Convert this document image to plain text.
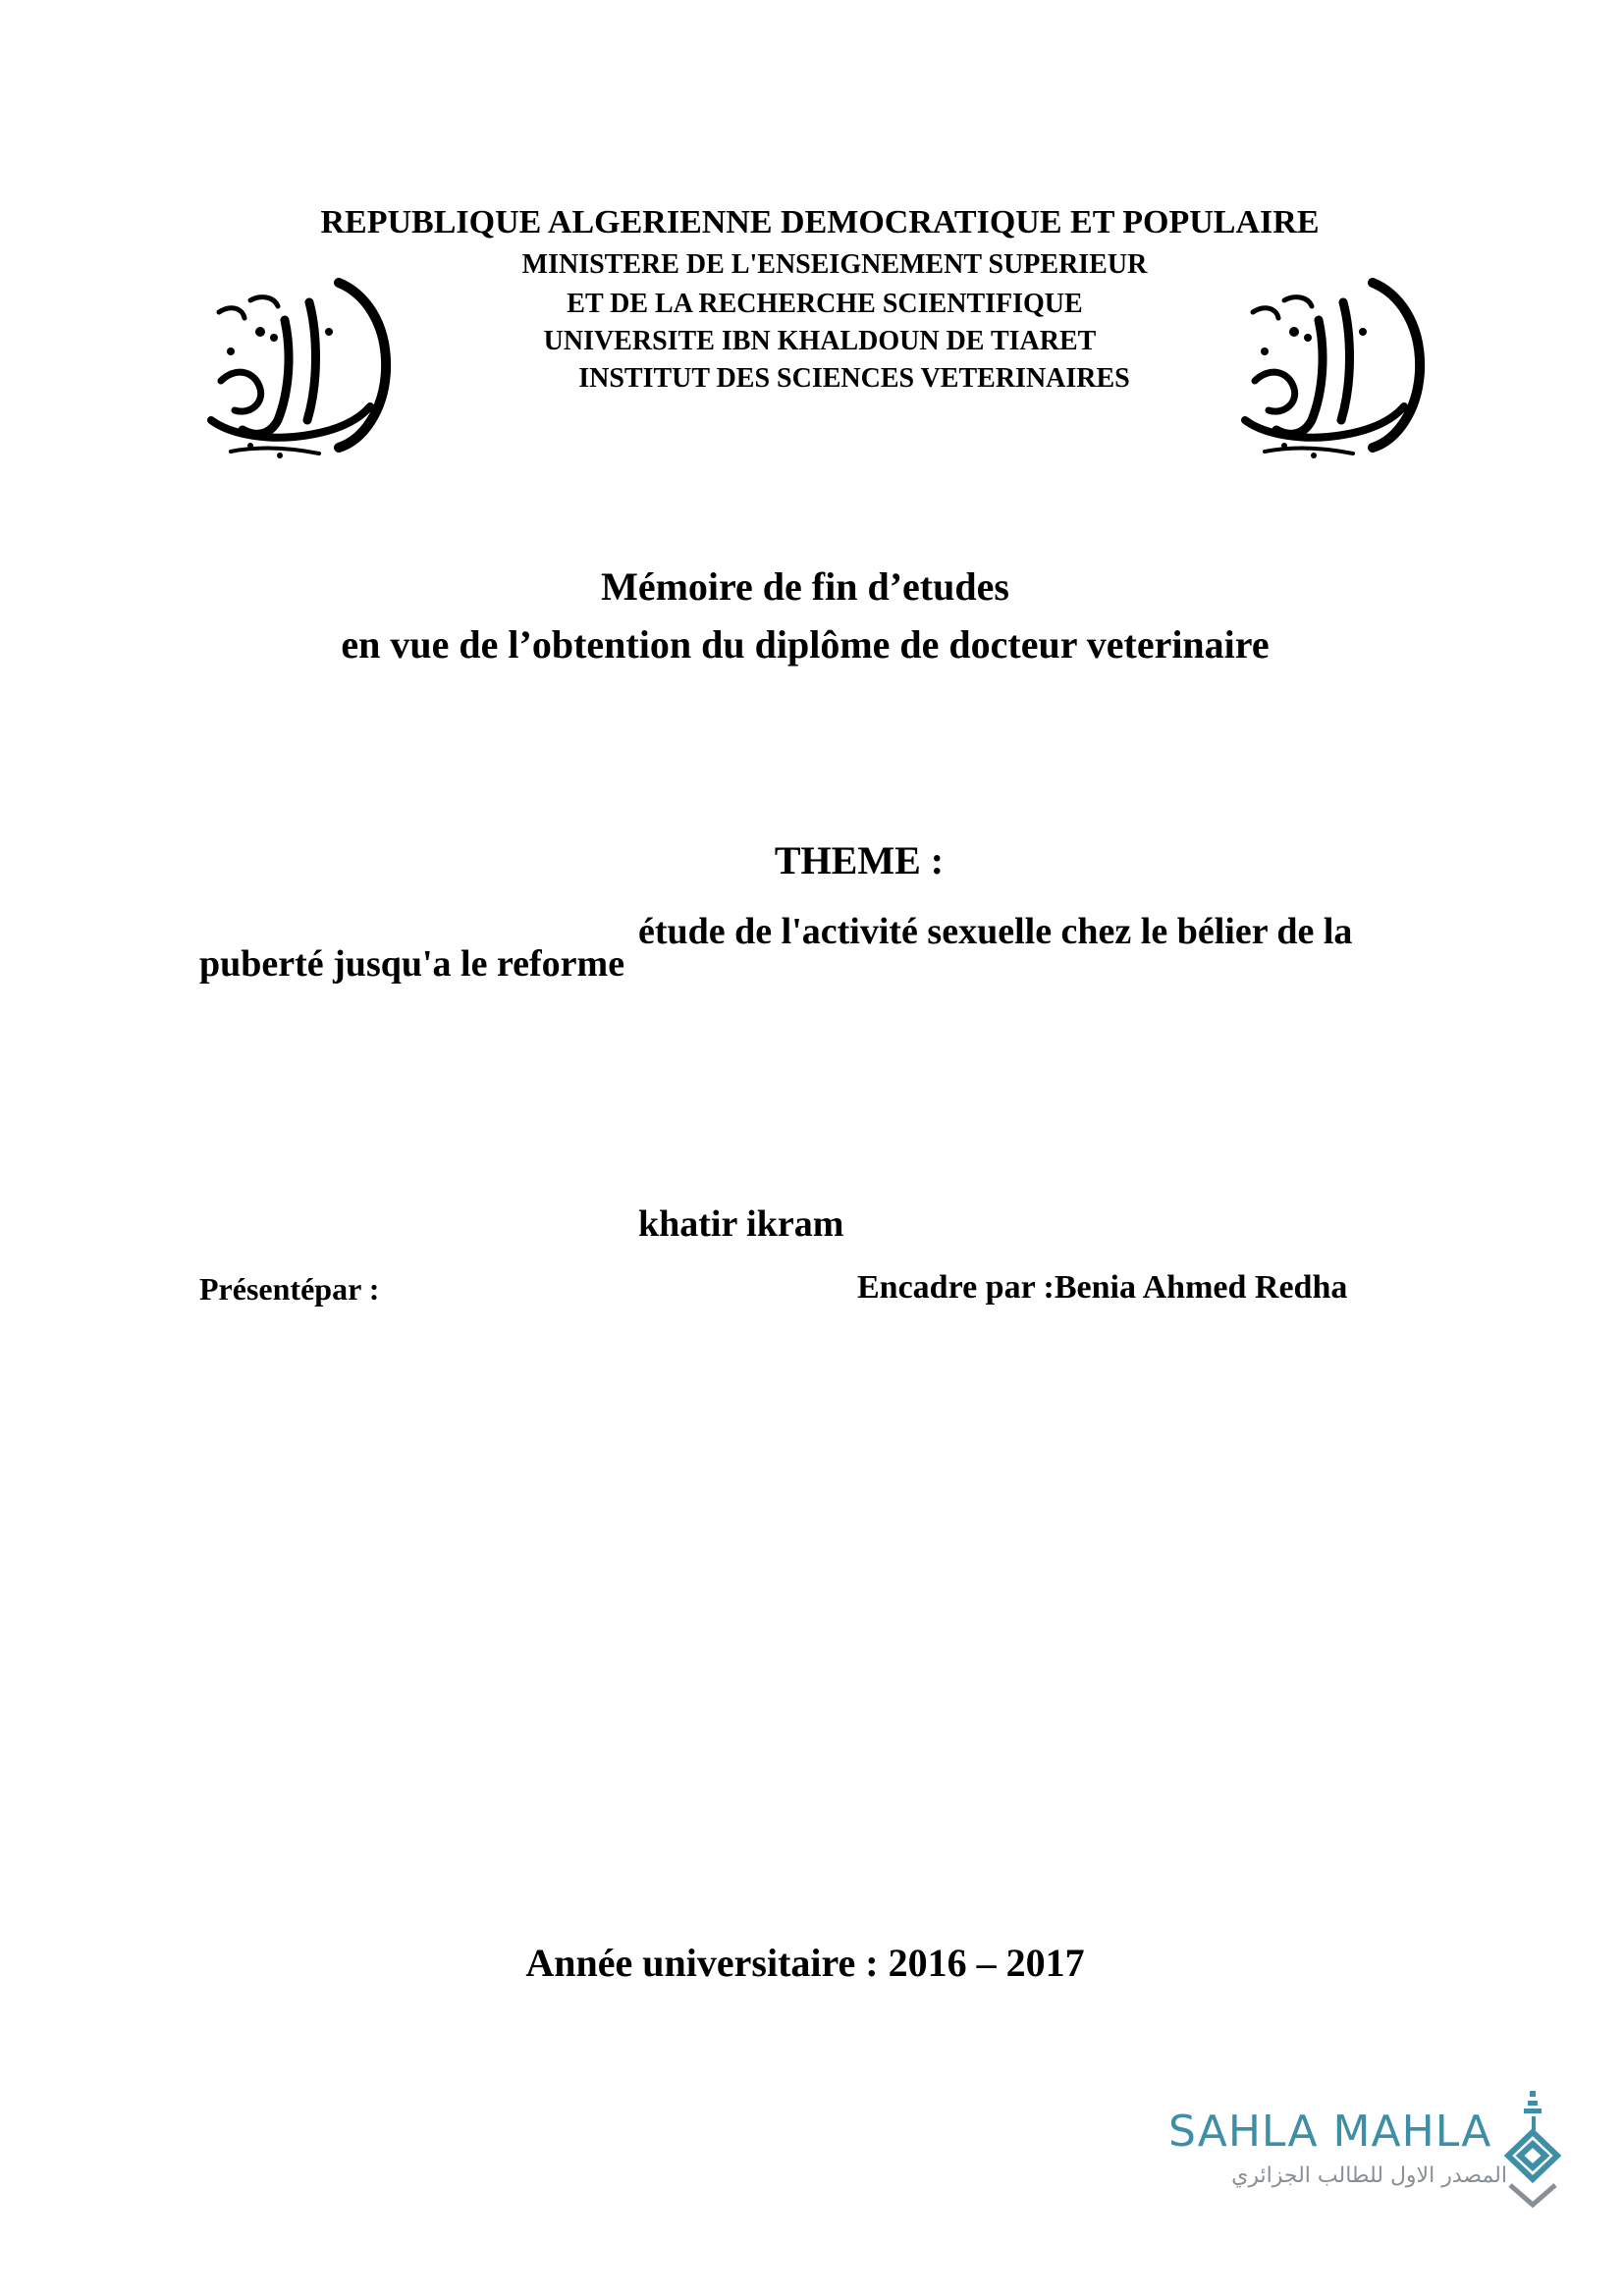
REPUBLIQUE ALGERIENNE DEMOCRATIQUE ET POPULAIRE
MINISTERE DE L'ENSEIGNEMENT SUPERIEUR
ET DE LA RECHERCHE SCIENTIFIQUE
UNIVERSITE IBN KHALDOUN DE TIARET
INSTITUT DES SCIENCES VETERINAIRES
Mémoire de fin d’etudes
en vue de l’obtention du diplôme de docteur veterinaire
THEME :
étude de l'activité sexuelle chez le bélier de la
puberté jusqu'a le reforme
khatir ikram
Présentépar :	Encadre par :Benia Ahmed Redha
Année universitaire : 2016 – 2017
SAHLA MAHLA
المصدر الاول للطالب الجزائري
